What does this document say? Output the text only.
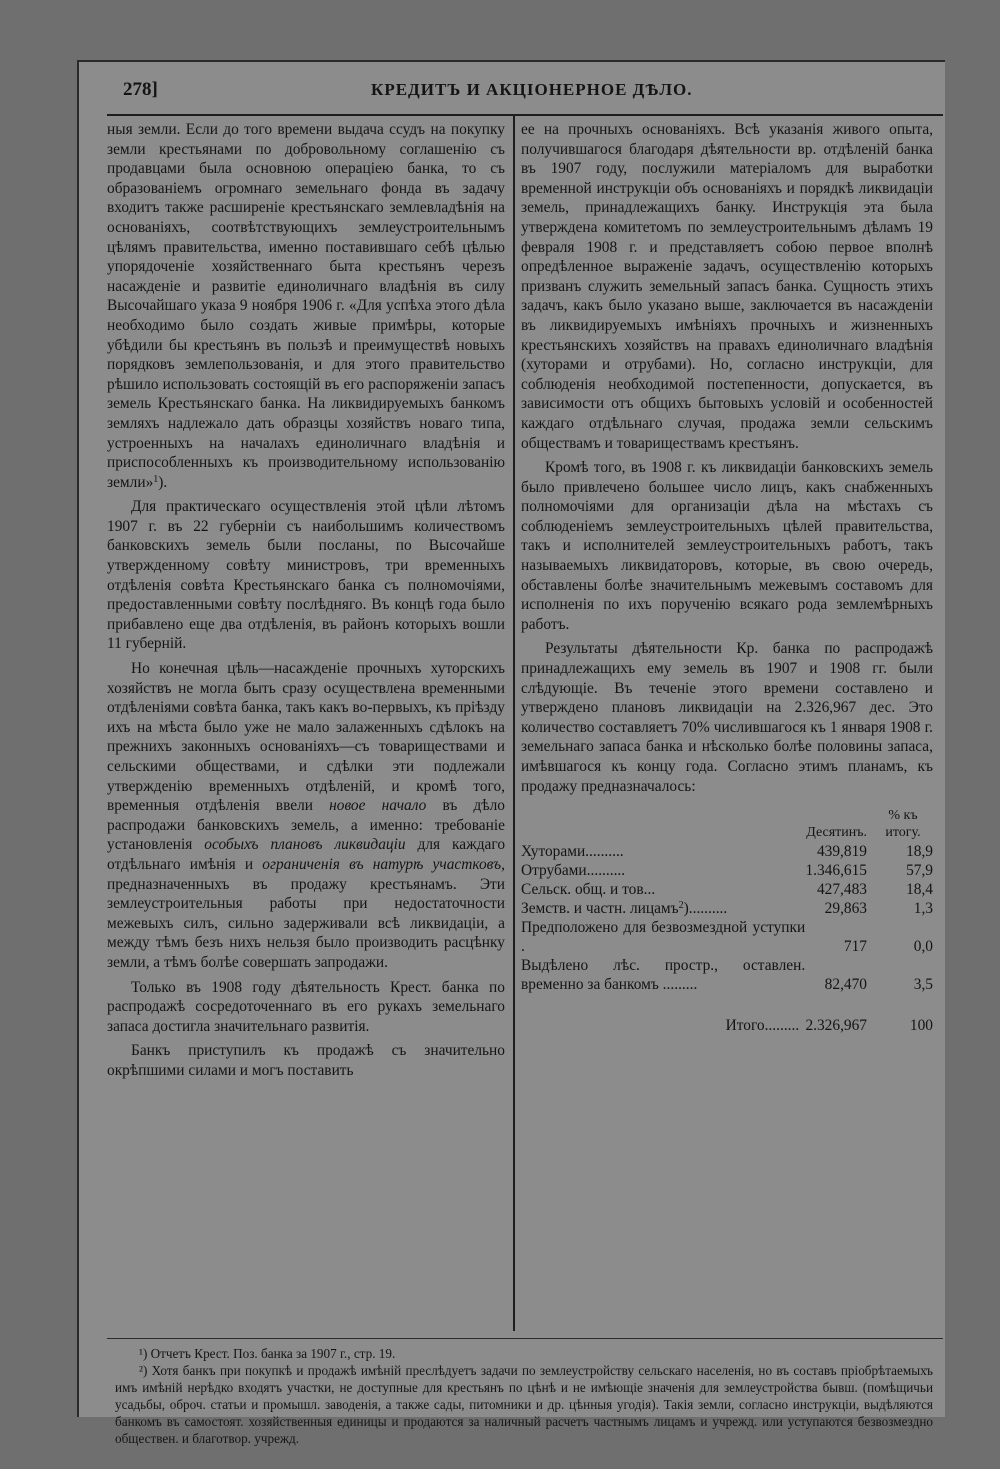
278]	КРЕДИТЪ И АКЦІОНЕРНОЕ ДѢЛО.

ныя земли. Если до того времени выдача ссудъ на покупку земли крестьянами по добровольному соглашенію съ продавцами была основною операціею банка, то съ образованіемъ огромнаго земельнаго фонда въ задачу входитъ также расширеніе крестьянскаго землевладѣнія на основаніяхъ, соотвѣтствующихъ землеустроительнымъ цѣлямъ правительства, именно поставившаго себѣ цѣлью упорядоченіе хозяйственнаго быта крестьянъ черезъ насажденіе и развитіе единоличнаго владѣнія въ силу Высочайшаго указа 9 ноября 1906 г. «Для успѣха этого дѣла необходимо было создать живые примѣры, которые убѣдили бы крестьянъ въ пользѣ и преимуществѣ новыхъ порядковъ землепользованія, и для этого правительство рѣшило использовать состоящій въ его распоряженіи запасъ земель Крестьянскаго банка. На ликвидируемыхъ банкомъ земляхъ надлежало дать образцы хозяйствъ новаго типа, устроенныхъ на началахъ единоличнаго владѣнія и приспособленныхъ къ производительному использованію земли»$^1$).

Для практическаго осуществленія этой цѣли лѣтомъ 1907 г. въ 22 губерніи съ наибольшимъ количествомъ банковскихъ земель были посланы, по Высочайше утвержденному совѣту министровъ, три временныхъ отдѣленія совѣта Крестьянскаго банка съ полномочіями, предоставленными совѣту послѣдняго. Въ концѣ года было прибавлено еще два отдѣленія, въ районъ которыхъ вошли 11 губерній.

Но конечная цѣль—насажденіе прочныхъ хуторскихъ хозяйствъ не могла быть сразу осуществлена временными отдѣленіями совѣта банка, такъ какъ во-первыхъ, къ пріѣзду ихъ на мѣста было уже не мало залаженныхъ сдѣлокъ на прежнихъ законныхъ основаніяхъ—съ товариществами и сельскими обществами, и сдѣлки эти подлежали утвержденію временныхъ отдѣленій, и кромѣ того, временныя отдѣленія ввели новое начало въ дѣло распродажи банковскихъ земель, а именно: требованіе установленія особыхъ плановъ ликвидаціи для каждаго отдѣльнаго имѣнія и ограниченія въ натурѣ участковъ, предназначенныхъ въ продажу крестьянамъ. Эти землеустроительныя работы при недостаточности межевыхъ силъ, сильно задерживали всѣ ликвидаціи, а между тѣмъ безъ нихъ нельзя было производить расцѣнку земли, а тѣмъ болѣе совершать запродажи.

Только въ 1908 году дѣятельность Крест. банка по распродажѣ сосредоточеннаго въ его рукахъ земельнаго запаса достигла значительнаго развитія.

Банкъ приступилъ къ продажѣ съ значительно окрѣпшими силами и могъ поставить

ее на прочныхъ основаніяхъ. Всѣ указанія живого опыта, получившагося благодаря дѣятельности вр. отдѣленій банка въ 1907 году, послужили матеріаломъ для выработки временной инструкціи объ основаніяхъ и порядкѣ ликвидаціи земель, принадлежащихъ банку. Инструкція эта была утверждена комитетомъ по землеустроительнымъ дѣламъ 19 февраля 1908 г. и представляетъ собою первое вполнѣ опредѣленное выраженіе задачъ, осуществленію которыхъ призванъ служить земельный запасъ банка. Сущность этихъ задачъ, какъ было указано выше, заключается въ насажденіи въ ликвидируемыхъ имѣніяхъ прочныхъ и жизненныхъ крестьянскихъ хозяйствъ на правахъ единоличнаго владѣнія (хуторами и отрубами). Но, согласно инструкціи, для соблюденія необходимой постепенности, допускается, въ зависимости отъ общихъ бытовыхъ условій и особенностей каждаго отдѣльнаго случая, продажа земли сельскимъ обществамъ и товариществамъ крестьянъ.

Кромѣ того, въ 1908 г. къ ликвидаціи банковскихъ земель было привлечено большее число лицъ, какъ снабженныхъ полномочіями для организаціи дѣла на мѣстахъ съ соблюденіемъ землеустроительныхъ цѣлей правительства, такъ и исполнителей землеустроительныхъ работъ, такъ называемыхъ ликвидаторовъ, которые, въ свою очередь, обставлены болѣе значительнымъ межевымъ составомъ для исполненія по ихъ порученію всякаго рода землемѣрныхъ работъ.

Результаты дѣятельности Кр. банка по распродажѣ принадлежащихъ ему земель въ 1907 и 1908 гг. были слѣдующіе. Въ теченіе этого времени составлено и утверждено плановъ ликвидаціи на 2.326,967 дес. Это количество составляетъ 70% числившагося къ 1 января 1908 г. земельнаго запаса банка и нѣсколько болѣе половины запаса, имѣвшагося къ концу года. Согласно этимъ планамъ, къ продажу предназначалось:

	Десятинъ.	% къ итогу.
Хуторами..........	439,819	18,9
Отрубами..........	1.346,615	57,9
Сельск. общ. и тов...	427,483	18,4
Земств. и частн. лицамъ$^2$)..........	29,863	1,3
Предположено для безвозмездной уступки .	717	0,0
Выдѣлено лѣс. простр., оставлен. временно за банкомъ .........	82,470	3,5
Итого.........	2.326,967	100

¹) Отчетъ Крест. Поз. банка за 1907 г., стр. 19.

²) Хотя банкъ при покупкѣ и продажѣ имѣній преслѣдуетъ задачи по землеустройству сельскаго населенія, но въ составъ пріобрѣтаемыхъ имъ имѣній нерѣдко входятъ участки, не доступные для крестьянъ по цѣнѣ и не имѣющіе значенія для землеустройства бывш. (помѣщичьи усадьбы, оброч. статьи и промышл. заводенія, а также сады, питомники и др. цѣнныя угодія). Такія земли, согласно инструкціи, выдѣляются банкомъ въ самостоят. хозяйственныя единицы и продаются за наличный расчетъ частнымъ лицамъ и учрежд. или уступаются безвозмездно обществен. и благотвор. учрежд.
